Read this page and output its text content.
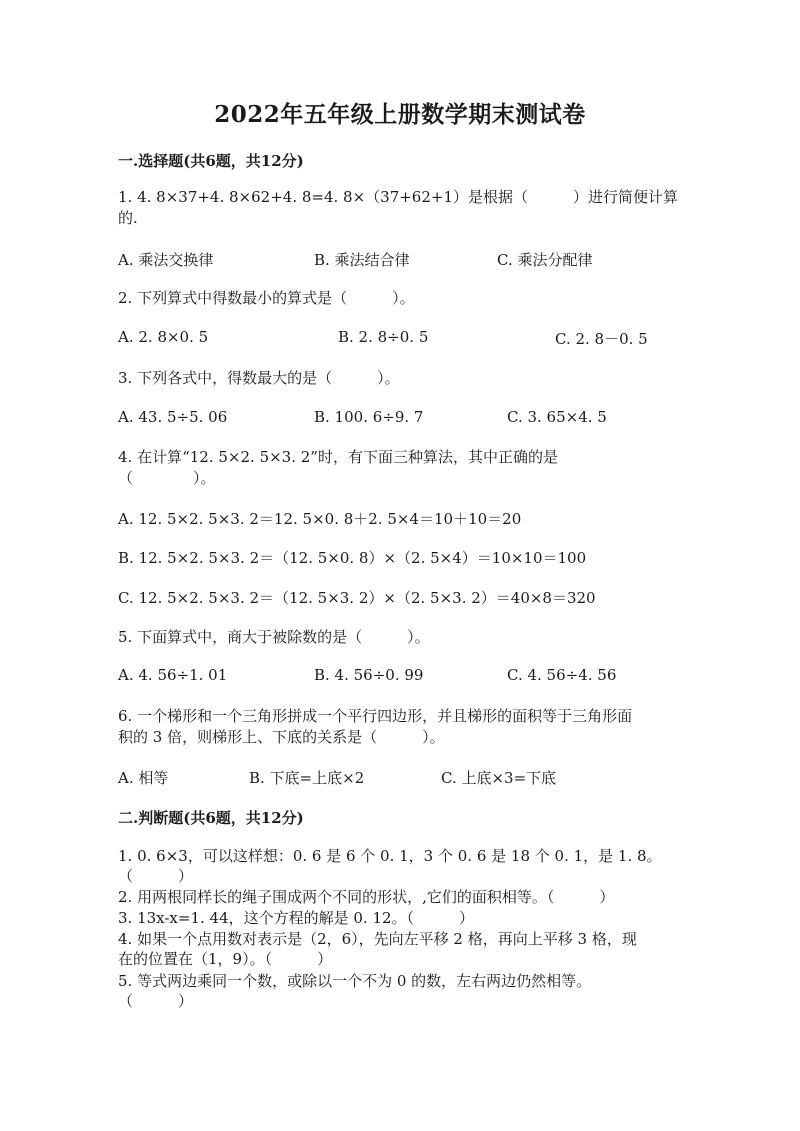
2022年五年级上册数学期末测试卷
一.选择题(共6题，共12分)
1. 4. 8×37+4. 8×62+4. 8=4. 8×（37+62+1）是根据（　　　）进行简便计算
的.
A. 乘法交换律	B. 乘法结合律	C. 乘法分配律
2. 下列算式中得数最小的算式是（　　　）。
A. 2. 8×0. 5	B. 2. 8÷0. 5	C. 2. 8－0. 5
3. 下列各式中，得数最大的是（　　　）。
A. 43. 5÷5. 06	B. 100. 6÷9. 7	C. 3. 65×4. 5
4. 在计算“12. 5×2. 5×3. 2”时，有下面三种算法，其中正确的是
（　　　　）。
A. 12. 5×2. 5×3. 2＝12. 5×0. 8＋2. 5×4＝10＋10＝20
B. 12. 5×2. 5×3. 2＝（12. 5×0. 8）×（2. 5×4）＝10×10＝100
C. 12. 5×2. 5×3. 2＝（12. 5×3. 2）×（2. 5×3. 2）＝40×8＝320
5. 下面算式中，商大于被除数的是（　　　）。
A. 4. 56÷1. 01	B. 4. 56÷0. 99	C. 4. 56÷4. 56
6. 一个梯形和一个三角形拼成一个平行四边形，并且梯形的面积等于三角形面
积的 3 倍，则梯形上、下底的关系是（　　　）。
A. 相等	B. 下底=上底×2	C. 上底×3=下底
二.判断题(共6题，共12分)
1. 0. 6×3，可以这样想：0. 6 是 6 个 0. 1，3 个 0. 6 是 18 个 0. 1，是 1. 8。
（　　　）
2. 用两根同样长的绳子围成两个不同的形状，,它们的面积相等。（　　　）
3. 13x-x=1. 44，这个方程的解是 0. 12。（　　　）
4. 如果一个点用数对表示是（2，6），先向左平移 2 格，再向上平移 3 格，现
在的位置在（1，9）。（　　　）
5. 等式两边乘同一个数，或除以一个不为 0 的数，左右两边仍然相等。
（　　　）
